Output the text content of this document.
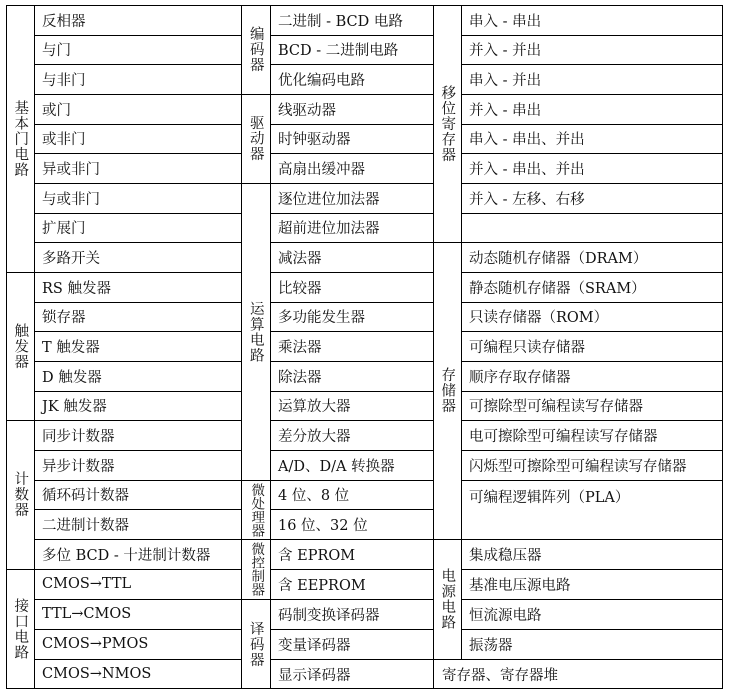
基本门电路
触发器
计数器
接口电路
编码器
驱动器
运算电路
微处理器
微控制器
译码器
移位寄存器
存储器
电源电路
寄存器、寄存器堆
反相器
与门
与非门
或门
或非门
异或非门
与或非门
扩展门
多路开关
RS 触发器
锁存器
T 触发器
D 触发器
JK 触发器
同步计数器
异步计数器
循环码计数器
二进制计数器
多位 BCD - 十进制计数器
CMOS→TTL
TTL→CMOS
CMOS→PMOS
CMOS→NMOS
二进制 - BCD 电路
BCD - 二进制电路
优化编码电路
线驱动器
时钟驱动器
高扇出缓冲器
逐位进位加法器
超前进位加法器
减法器
比较器
多功能发生器
乘法器
除法器
运算放大器
差分放大器
A/D、D/A 转换器
4 位、8 位
16 位、32 位
含 EPROM
含 EEPROM
码制变换译码器
变量译码器
显示译码器
串入 - 串出
并入 - 并出
串入 - 并出
并入 - 串出
串入 - 串出、并出
并入 - 串出、并出
并入 - 左移、右移
动态随机存储器（DRAM）
静态随机存储器（SRAM）
只读存储器（ROM）
可编程只读存储器
顺序存取存储器
可擦除型可编程读写存储器
电可擦除型可编程读写存储器
闪烁型可擦除型可编程读写存储器
可编程逻辑阵列（PLA）
集成稳压器
基准电压源电路
恒流源电路
振荡器
